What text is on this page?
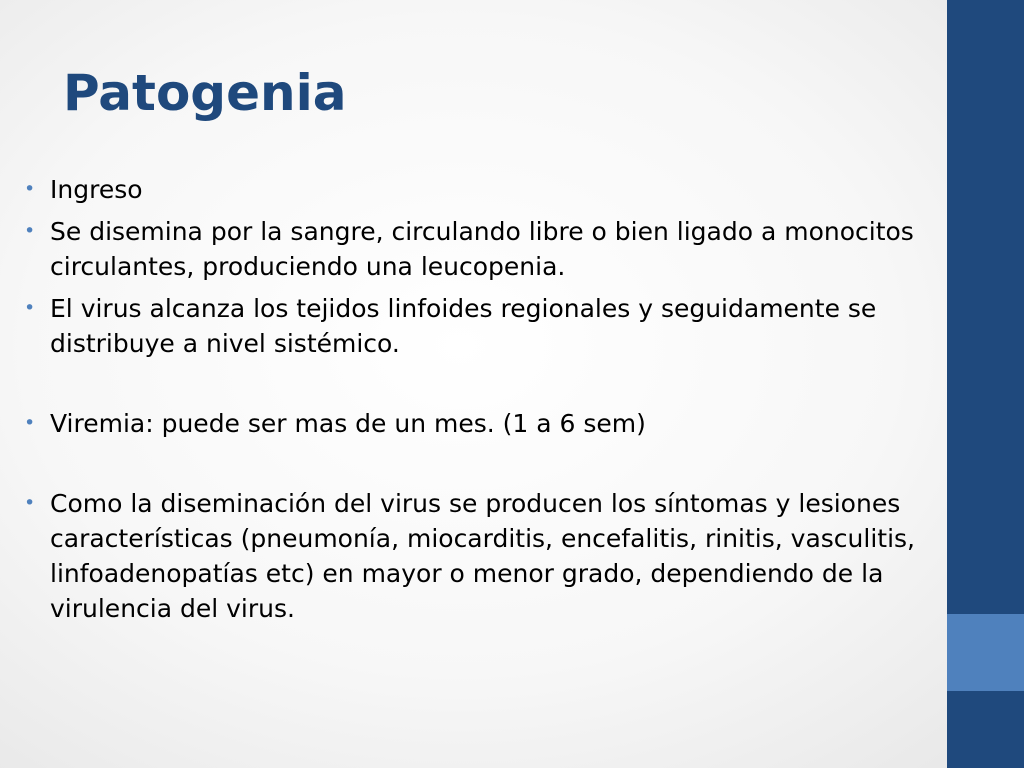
Patogenia
• Ingreso
• Se disemina por la sangre, circulando libre o bien ligado a monocitos circulantes, produciendo una leucopenia.
• El virus alcanza los tejidos linfoides regionales y seguidamente se distribuye a nivel sistémico.
• Viremia: puede ser mas de un mes. (1 a 6 sem)
• Como la diseminación del virus se producen los síntomas y lesiones características (pneumonía, miocarditis, encefalitis, rinitis, vasculitis, linfoadenopatías etc) en mayor o menor grado, dependiendo de la virulencia del virus.
